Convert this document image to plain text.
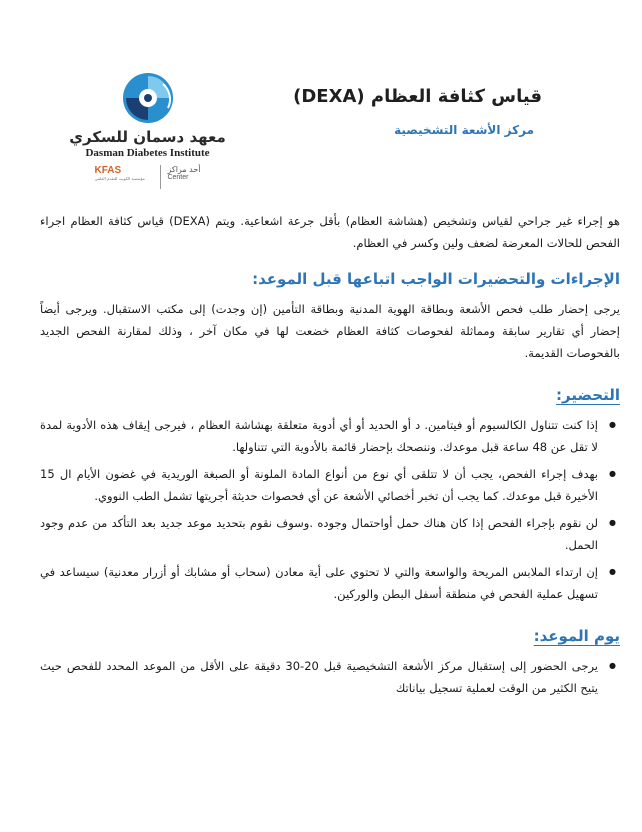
معهد دسمان للسكري
Dasman Diabetes Institute
KFAS
مؤسسة الكويت للتقدم العلمي
أحد مراكز
Center
قياس كثافة العظام (DEXA)
مركز الأشعة التشخيصية

هو إجراء غير جراحي لقياس وتشخيص (هشاشة العظام) بأقل جرعة اشعاعية. ويتم (DEXA) قياس كثافة العظام اجراء الفحص للحالات المعرضة لضعف ولين وكسر في العظام.

الإجراءات والتحضيرات الواجب اتباعها قبل الموعد:

يرجى إحضار طلب فحص الأشعة وبطاقة الهوية المدنية وبطاقة التأمين (إن وجدت) إلى مكتب الاستقبال. ويرجى أيضاً إحضار أي تقارير سابقة ومماثلة لفحوصات كثافة العظام خضعت لها في مكان آخر ، وذلك لمقارنة الفحص الجديد بالفحوصات القديمة.

التحضير:
● إذا كنت تتناول الكالسيوم أو فيتامين. د أو الحديد أو أي أدوية متعلقة بهشاشة العظام ، فيرجى إيقاف هذه الأدوية لمدة لا تقل عن 48 ساعة قبل موعدك. وننصحك بإحضار قائمة بالأدوية التي تتناولها.
● بهدف إجراء الفحص، يجب أن لا تتلقى أي نوع من أنواع المادة الملونة أو الصبغة الوريدية في غضون الأيام ال 15 الأخيرة قبل موعدك. كما يجب أن تخبر أخصائي الأشعة عن أي فحصوات حديثة أجريتها تشمل الطب النووي.
● لن نقوم بإجراء الفحص إذا كان هناك حمل أواحتمال وجوده .وسوف نقوم بتحديد موعد جديد بعد التأكد من عدم وجود الحمل.
● إن ارتداء الملابس المريحة والواسعة والتي لا تحتوي على أية معادن (سحاب أو مشابك أو أزرار معدنية) سيساعد في تسهيل عملية الفحص في منطقة أسفل البطن والوركين.
يوم الموعد:
● يرجى الحضور إلى إستقبال مركز الأشعة التشخيصية قبل 20-30 دقيقة على الأقل من الموعد المحدد للفحص حيث يتيح الكثير من الوقت لعملية تسجيل بياناتك
